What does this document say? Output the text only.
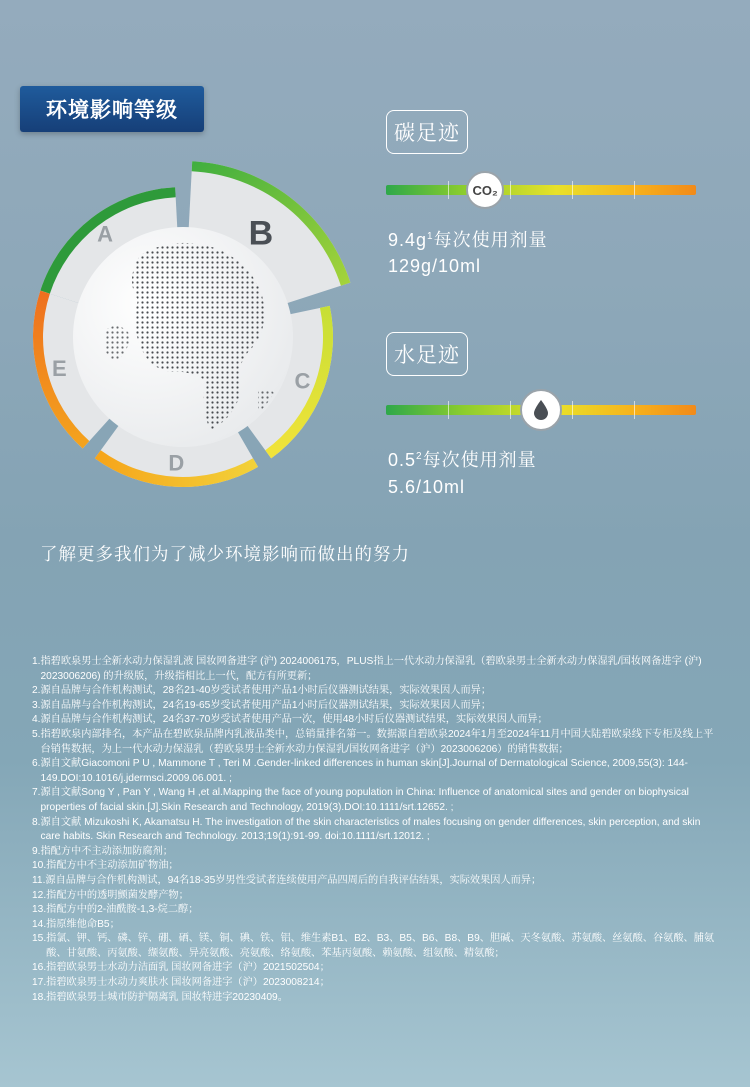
环境影响等级
A	B
C
D
E
碳足迹
CO₂
$9.4g^1$每次使用剂量
129g/10ml
水足迹
$0.5^2$每次使用剂量
5.6/10ml
了解更多我们为了减少环境影响而做出的努力
1. 指碧欧泉男士全新水动力保湿乳液 国妆网备进字 (沪) 2024006175，PLUS指上一代水动力保湿乳（碧欧泉男士全新水动力保湿乳/国妆网备进字 (沪) 2023006206) 的升级版，升级指相比上一代，配方有所更新；
2. 源自品牌与合作机构测试，28名21-40岁受试者使用产品1小时后仪器测试结果，实际效果因人而异；
3. 源自品牌与合作机构测试，24名19-65岁受试者使用产品1小时后仪器测试结果，实际效果因人而异；
4. 源自品牌与合作机构测试，24名37-70岁受试者使用产品一次，使用48小时后仪器测试结果，实际效果因人而异；
5. 指碧欧泉内部排名，本产品在碧欧泉品牌内乳液品类中，总销量排名第一。数据源自碧欧泉2024年1月至2024年11月中国大陆碧欧泉线下专柜及线上平台销售数据，为上一代水动力保湿乳（碧欧泉男士全新水动力保湿乳/国妆网备进字（沪）2023006206）的销售数据；
6. 源自文献Giacomoni P U , Mammone T , Teri M .Gender-linked differences in human skin[J].Journal of Dermatological Science, 2009,55(3): 144-149.DOI:10.1016/j.jdermsci.2009.06.001. ;
7. 源自文献Song Y , Pan Y , Wang H ,et al.Mapping the face of young population in China: Influence of anatomical sites and gender on biophysical properties of facial skin.[J].Skin Research and Technology, 2019(3).DOI:10.1111/srt.12652. ;
8. 源自文献 Mizukoshi K, Akamatsu H. The investigation of the skin characteristics of males focusing on gender differences, skin perception, and skin care habits. Skin Research and Technology. 2013;19(1):91-99. doi:10.1111/srt.12012. ;
9. 指配方中不主动添加防腐剂；
10. 指配方中不主动添加矿物油；
11. 源自品牌与合作机构测试，94名18-35岁男性受试者连续使用产品四周后的自我评估结果，实际效果因人而异；
12. 指配方中的透明颤菌发酵产物；
13. 指配方中的2-油酰胺-1,3-烷二醇；
14. 指原维他命B5；
15. 指氯、钾、钙、磷、锌、硼、硒、镁、铜、碘、铁、铝、维生素B1、B2、B3、B5、B6、B8、B9、胆碱、天冬氨酸、苏氨酸、丝氨酸、谷氨酸、脯氨酸、甘氨酸、丙氨酸、缬氨酸、异亮氨酸、亮氨酸、络氨酸、苯基丙氨酸、赖氨酸、组氨酸、精氨酸；
16. 指碧欧泉男士水动力洁面乳 国妆网备进字（沪）2021502504；
17. 指碧欧泉男士水动力爽肤水 国妆网备进字（沪）2023008214；
18. 指碧欧泉男士城市防护隔离乳 国妆特进字20230409。
